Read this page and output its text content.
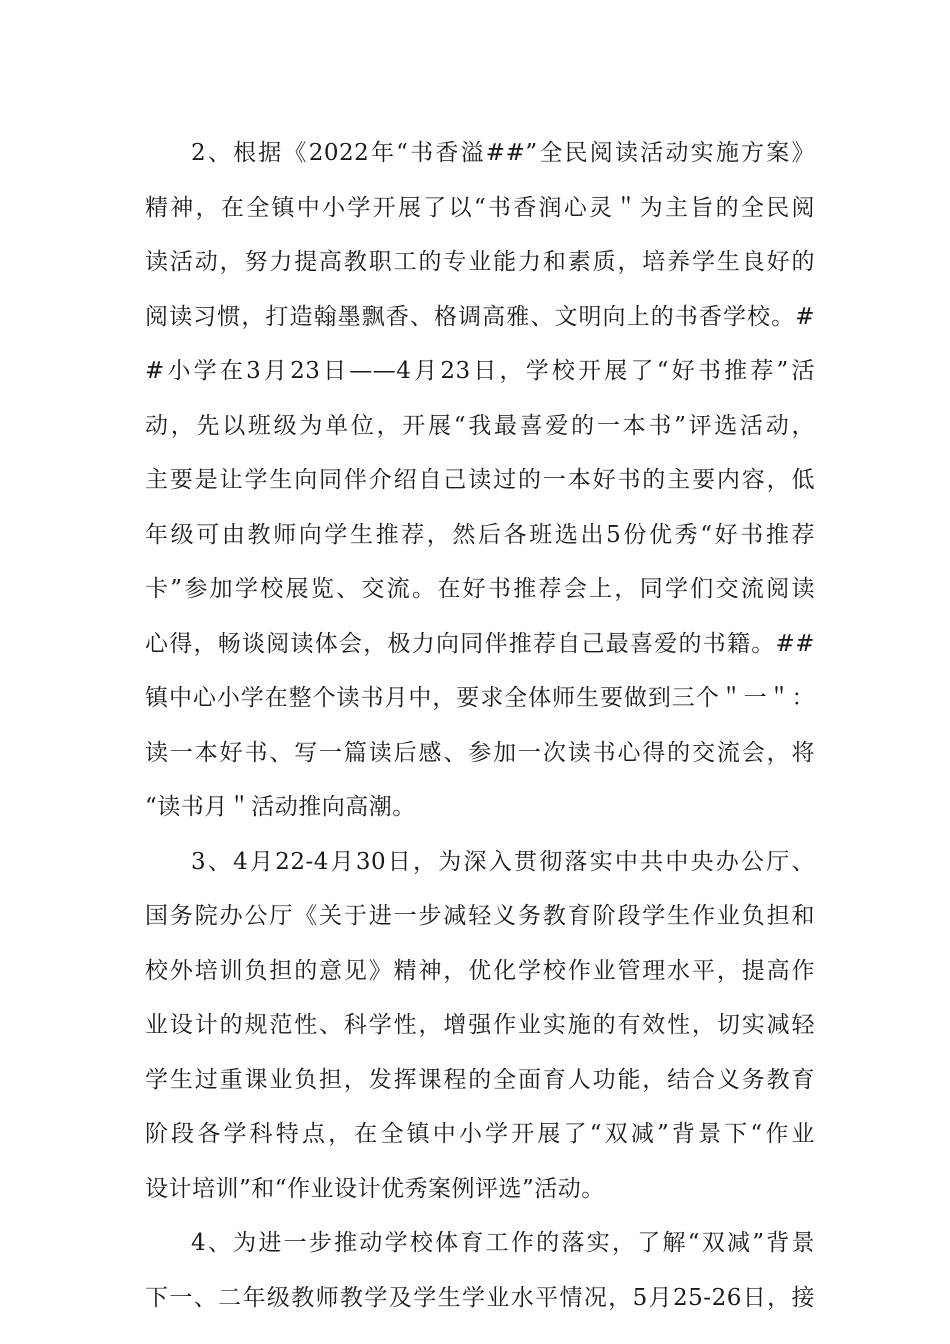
2、根据《2022年“书香溢##”全民阅读活动实施方案》
精神，在全镇中小学开展了以“书香润心灵＂为主旨的全民阅
读活动，努力提高教职工的专业能力和素质，培养学生良好的
阅读习惯，打造翰墨飘香、格调高雅、文明向上的书香学校。#
#小学在3月23日——4月23日，学校开展了“好书推荐”活
动，先以班级为单位，开展“我最喜爱的一本书”评选活动，
主要是让学生向同伴介绍自己读过的一本好书的主要内容，低
年级可由教师向学生推荐，然后各班选出5份优秀“好书推荐
卡”参加学校展览、交流。在好书推荐会上，同学们交流阅读
心得，畅谈阅读体会，极力向同伴推荐自己最喜爱的书籍。##
镇中心小学在整个读书月中，要求全体师生要做到三个＂一＂：
读一本好书、写一篇读后感、参加一次读书心得的交流会，将
“读书月＂活动推向高潮。
3、4月22-4月30日，为深入贯彻落实中共中央办公厅、
国务院办公厅《关于进一步减轻义务教育阶段学生作业负担和
校外培训负担的意见》精神，优化学校作业管理水平，提高作
业设计的规范性、科学性，增强作业实施的有效性，切实减轻
学生过重课业负担，发挥课程的全面育人功能，结合义务教育
阶段各学科特点，在全镇中小学开展了“双减”背景下“作业
设计培训”和“作业设计优秀案例评选”活动。
4、为进一步推动学校体育工作的落实，了解“双减”背景
下一、二年级教师教学及学生学业水平情况，5月25-26日，接
